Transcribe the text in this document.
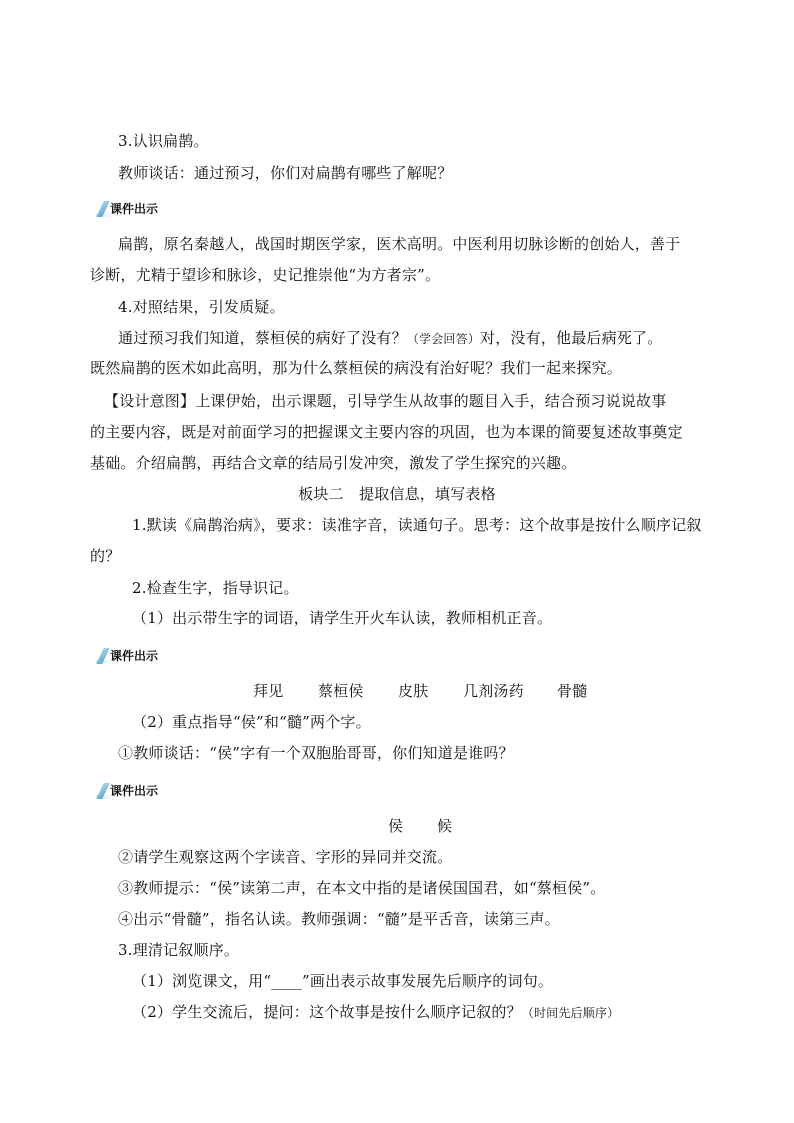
3.认识扁鹊。
教师谈话：通过预习，你们对扁鹊有哪些了解呢？
课件出示
扁鹊，原名秦越人，战国时期医学家，医术高明。中医利用切脉诊断的创始人，善于
诊断，尤精于望诊和脉诊，史记推崇他“为方者宗”。
4.对照结果，引发质疑。
通过预习我们知道，蔡桓侯的病好了没有？（学会回答）对，没有，他最后病死了。
既然扁鹊的医术如此高明，那为什么蔡桓侯的病没有治好呢？我们一起来探究。
【设计意图】上课伊始，出示课题，引导学生从故事的题目入手，结合预习说说故事
的主要内容，既是对前面学习的把握课文主要内容的巩固，也为本课的简要复述故事奠定
基础。介绍扁鹊，再结合文章的结局引发冲突，激发了学生探究的兴趣。
板块二　提取信息，填写表格
1.默读《扁鹊治病》，要求：读准字音，读通句子。思考：这个故事是按什么顺序记叙
的？
2.检查生字，指导识记。
（1）出示带生字的词语，请学生开火车认读，教师相机正音。
课件出示
拜见 蔡桓侯 皮肤 几剂汤药 骨髓
（2）重点指导“侯”和“髓”两个字。
①教师谈话：“侯”字有一个双胞胎哥哥，你们知道是谁吗？
课件出示
侯 候
②请学生观察这两个字读音、字形的异同并交流。
③教师提示：“侯”读第二声，在本文中指的是诸侯国国君，如“蔡桓侯”。
④出示“骨髓”，指名认读。教师强调：“髓”是平舌音，读第三声。
3.理清记叙顺序。
（1）浏览课文，用“____”画出表示故事发展先后顺序的词句。
（2）学生交流后，提问：这个故事是按什么顺序记叙的？（时间先后顺序）
